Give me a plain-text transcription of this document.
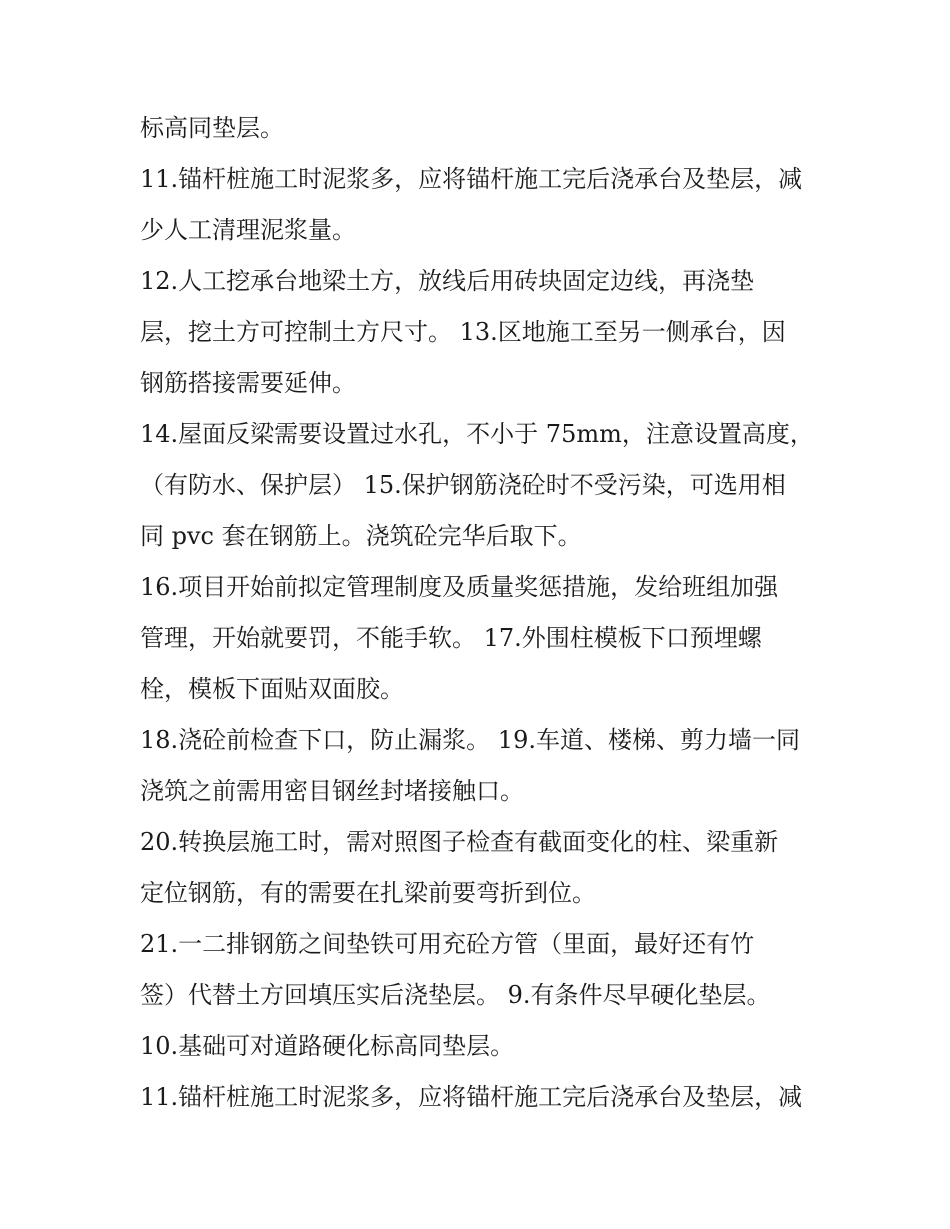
标高同垫层。
11.锚杆桩施工时泥浆多，应将锚杆施工完后浇承台及垫层，减
少人工清理泥浆量。
12.人工挖承台地梁土方，放线后用砖块固定边线，再浇垫
层，挖土方可控制土方尺寸。 13.区地施工至另一侧承台，因
钢筋搭接需要延伸。
14.屋面反梁需要设置过水孔，不小于 75mm，注意设置高度，
（有防水、保护层） 15.保护钢筋浇砼时不受污染，可选用相
同 pvc 套在钢筋上。浇筑砼完华后取下。
16.项目开始前拟定管理制度及质量奖惩措施，发给班组加强
管理，开始就要罚，不能手软。 17.外围柱模板下口预埋螺
栓，模板下面贴双面胶。
18.浇砼前检查下口，防止漏浆。 19.车道、楼梯、剪力墙一同
浇筑之前需用密目钢丝封堵接触口。
20.转换层施工时，需对照图子检查有截面变化的柱、梁重新
定位钢筋，有的需要在扎梁前要弯折到位。
21.一二排钢筋之间垫铁可用充砼方管（里面，最好还有竹
签）代替土方回填压实后浇垫层。 9.有条件尽早硬化垫层。
10.基础可对道路硬化标高同垫层。
11.锚杆桩施工时泥浆多，应将锚杆施工完后浇承台及垫层，减
